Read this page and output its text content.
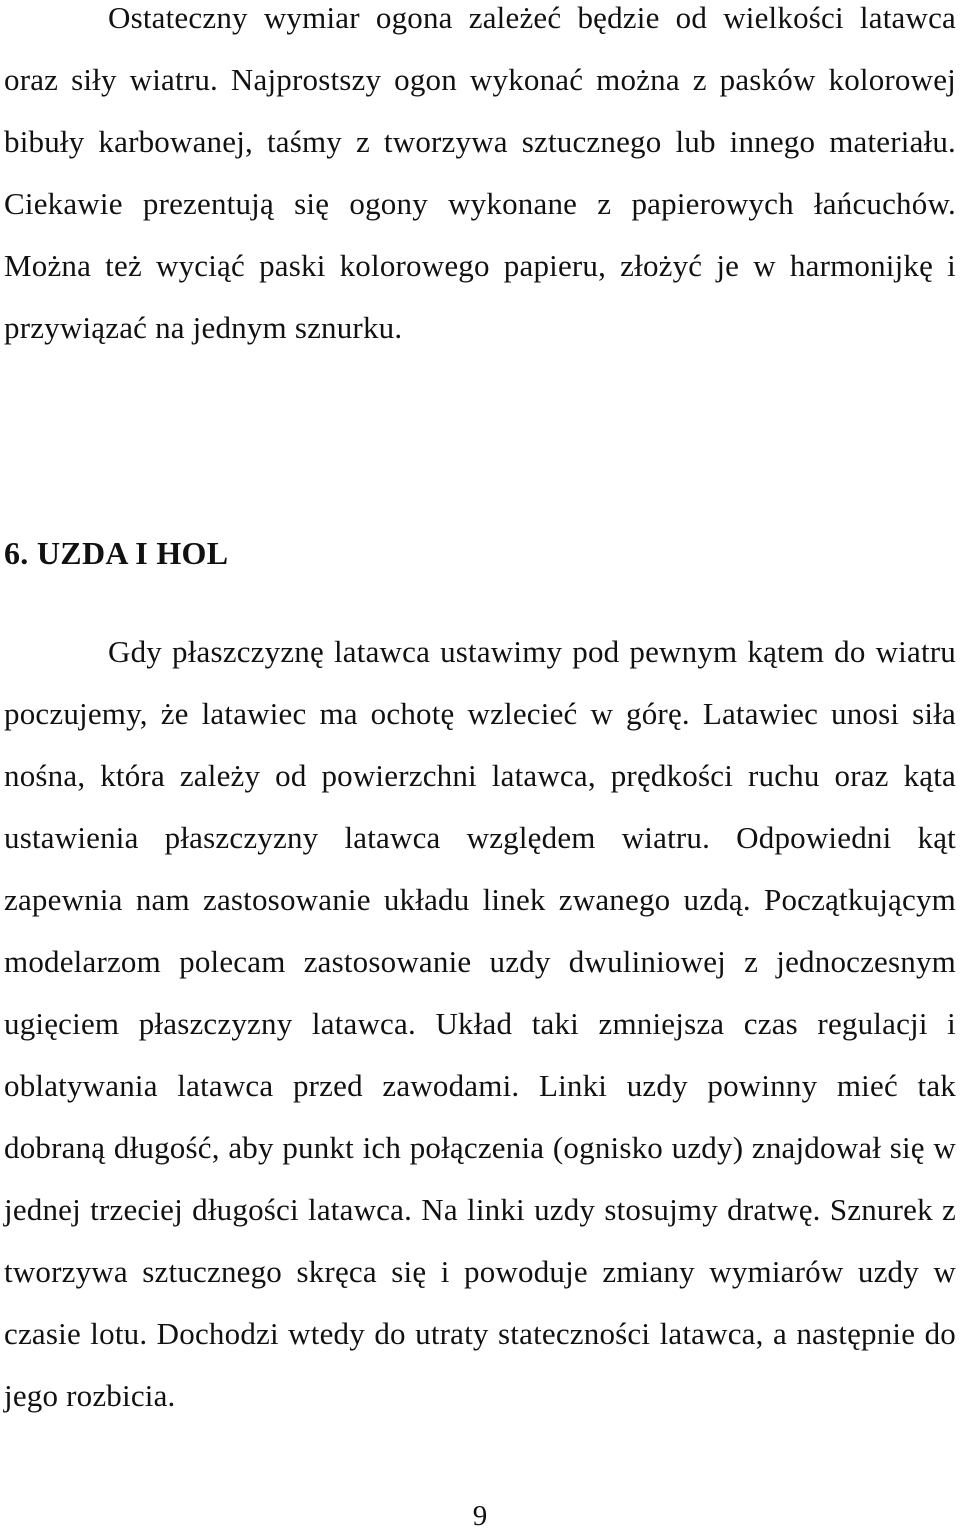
Ostateczny wymiar ogona zależeć będzie od wielkości latawca oraz siły wiatru. Najprostszy ogon wykonać można z pasków kolorowej bibuły karbowanej, taśmy z tworzywa sztucznego lub innego materiału. Ciekawie prezentują się ogony wykonane z papierowych łańcuchów. Można też wyciąć paski kolorowego papieru, złożyć je w harmonijkę i przywiązać na jednym sznurku.

6. UZDA I HOL

Gdy płaszczyznę latawca ustawimy pod pewnym kątem do wiatru poczujemy, że latawiec ma ochotę wzlecieć w górę. Latawiec unosi siła nośna, która zależy od powierzchni latawca, prędkości ruchu oraz kąta ustawienia płaszczyzny latawca względem wiatru. Odpowiedni kąt zapewnia nam zastosowanie układu linek zwanego uzdą. Początkującym modelarzom polecam zastosowanie uzdy dwuliniowej z jednoczesnym ugięciem płaszczyzny latawca. Układ taki zmniejsza czas regulacji i oblatywania latawca przed zawodami. Linki uzdy powinny mieć tak dobraną długość, aby punkt ich połączenia (ognisko uzdy) znajdował się w jednej trzeciej długości latawca. Na linki uzdy stosujmy dratwę. Sznurek z tworzywa sztucznego skręca się i powoduje zmiany wymiarów uzdy w czasie lotu. Dochodzi wtedy do utraty stateczności latawca, a następnie do jego rozbicia.

9
